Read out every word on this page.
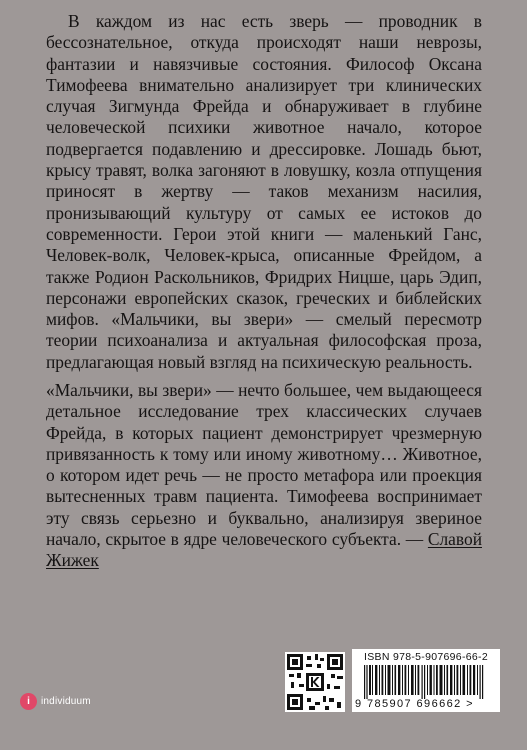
В каждом из нас есть зверь — проводник в бессознательное, откуда происходят наши неврозы, фантазии и навязчивые состояния. Философ Оксана Тимофеева внимательно анализирует три клинических случая Зигмунда Фрейда и обнаруживает в глубине человеческой психики животное начало, которое подвергается подавлению и дрессировке. Лошадь бьют, крысу травят, волка загоняют в ловушку, козла отпущения приносят в жертву — таков механизм насилия, пронизывающий культуру от самых ее истоков до современности. Герои этой книги — маленький Ганс, Человек-волк, Человек-крыса, описанные Фрейдом, а также Родион Раскольников, Фридрих Ницше, царь Эдип, персонажи европейских сказок, греческих и библейских мифов. «Мальчики, вы звери» — смелый пересмотр теории психоанализа и актуальная философская проза, предлагающая новый взгляд на психическую реальность.

«Мальчики, вы звери» — нечто большее, чем выдающееся детальное исследование трех классических случаев Фрейда, в которых пациент демонстрирует чрезмерную привязанность к тому или иному животному… Животное, о котором идет речь — не просто метафора или проекция вытесненных травм пациента. Тимофеева воспринимает эту связь серьезно и буквально, анализируя звериное начало, скрытое в ядре человеческого субъекта. — Славой Жижек

i	individuum
ISBN 978-5-907696-66-2
9 785907 696662 >
